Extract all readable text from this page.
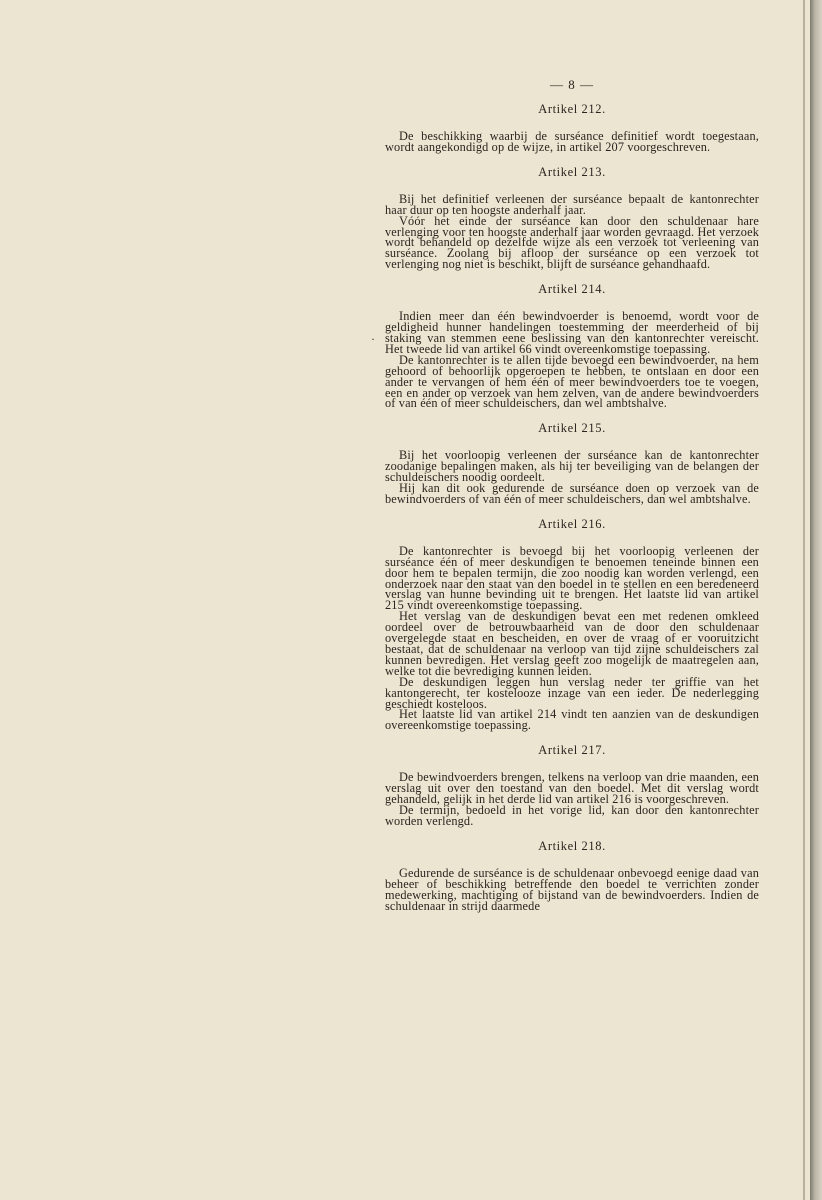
·
— 8 —
Artikel 212.

De beschikking waarbij de surséance definitief wordt toegestaan, wordt aangekondigd op de wijze, in artikel 207 voorgeschreven.

Artikel 213.

Bij het definitief verleenen der surséance bepaalt de kantonrechter haar duur op ten hoogste anderhalf jaar.

Vóór het einde der surséance kan door den schuldenaar hare verlenging voor ten hoogste anderhalf jaar worden gevraagd. Het verzoek wordt behandeld op dezelfde wijze als een verzoek tot verleening van surséance. Zoolang bij afloop der surséance op een verzoek tot verlenging nog niet is beschikt, blijft de surséance gehandhaafd.

Artikel 214.

Indien meer dan één bewindvoerder is benoemd, wordt voor de geldigheid hunner handelingen toestemming der meerderheid of bij staking van stemmen eene beslissing van den kantonrechter vereischt. Het tweede lid van artikel 66 vindt overeenkomstige toepassing.

De kantonrechter is te allen tijde bevoegd een bewindvoerder, na hem gehoord of behoorlijk opgeroepen te hebben, te ontslaan en door een ander te vervangen of hem één of meer bewindvoerders toe te voegen, een en ander op verzoek van hem zelven, van de andere bewindvoerders of van één of meer schuldeischers, dan wel ambtshalve.

Artikel 215.

Bij het voorloopig verleenen der surséance kan de kantonrechter zoodanige bepalingen maken, als hij ter beveiliging van de belangen der schuldeischers noodig oordeelt.

Hij kan dit ook gedurende de surséance doen op verzoek van de bewindvoerders of van één of meer schuldeischers, dan wel ambtshalve.

Artikel 216.

De kantonrechter is bevoegd bij het voorloopig verleenen der surséance één of meer deskundigen te benoemen teneinde binnen een door hem te bepalen termijn, die zoo noodig kan worden verlengd, een onderzoek naar den staat van den boedel in te stellen en een beredeneerd verslag van hunne bevinding uit te brengen. Het laatste lid van artikel 215 vindt overeenkomstige toepassing.

Het verslag van de deskundigen bevat een met redenen omkleed oordeel over de betrouwbaarheid van de door den schuldenaar overgelegde staat en bescheiden, en over de vraag of er vooruitzicht bestaat, dat de schuldenaar na verloop van tijd zijne schuldeischers zal kunnen bevredigen. Het verslag geeft zoo mogelijk de maatregelen aan, welke tot die bevrediging kunnen leiden.

De deskundigen leggen hun verslag neder ter griffie van het kantongerecht, ter kostelooze inzage van een ieder. De nederlegging geschiedt kosteloos.

Het laatste lid van artikel 214 vindt ten aanzien van de deskundigen overeenkomstige toepassing.

Artikel 217.

De bewindvoerders brengen, telkens na verloop van drie maanden, een verslag uit over den toestand van den boedel. Met dit verslag wordt gehandeld, gelijk in het derde lid van artikel 216 is voorgeschreven.

De termijn, bedoeld in het vorige lid, kan door den kantonrechter worden verlengd.

Artikel 218.

Gedurende de surséance is de schuldenaar onbevoegd eenige daad van beheer of beschikking betreffende den boedel te verrichten zonder medewerking, machtiging of bijstand van de bewindvoerders. Indien de schuldenaar in strijd daarmede
